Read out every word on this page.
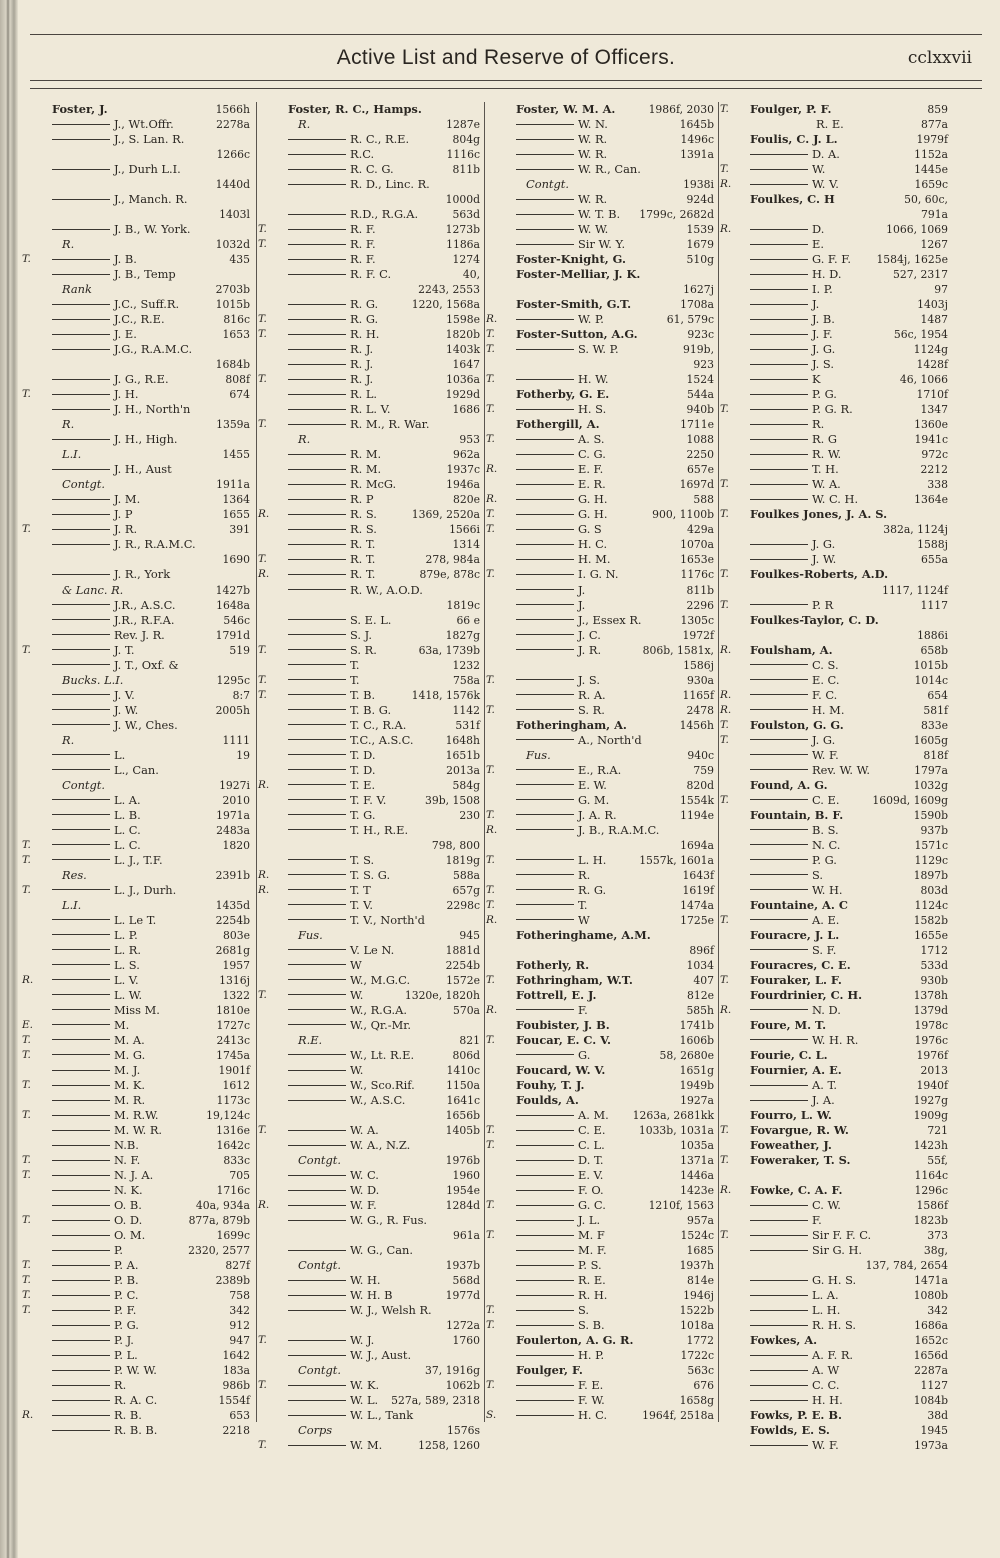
Active List and Reserve of Officers.	cclxxvii
Foster, J.	1566h
J., Wt.Offr.	2278a
J., S. Lan. R.
1266c
J., Durh L.I.
1440d
J., Manch. R.
1403l
J. B., W. York.
R.	1032d
T.	J. B.	435
J. B., Temp
Rank	2703b
J.C., Suff.R.	1015b
J.C., R.E.	816c
J. E.	1653
J.G., R.A.M.C.
1684b
J. G., R.E.	808f
T.	J. H.	674
J. H., North'n
R.	1359a
J. H., High.
L.I.	1455
J. H., Aust
Contgt.	1911a
J. M.	1364
J. P	1655
T.	J. R.	391
J. R., R.A.M.C.
1690
J. R., York
& Lanc. R.	1427b
J.R., A.S.C.	1648a
J.R., R.F.A.	546c
Rev. J. R.	1791d
T.	J. T.	519
J. T., Oxf. &
Bucks. L.I.	1295c
J. V.	8:7
J. W.	2005h
J. W., Ches.
R.	1111
L.	19
L., Can.
Contgt.	1927i
L. A.	2010
L. B.	1971a
L. C.	2483a
T.	L. C.	1820
T.	L. J., T.F.
Res.	2391b
T.	L. J., Durh.
L.I.	1435d
L. Le T.	2254b
L. P.	803e
L. R.	2681g
L. S.	1957
R.	L. V.	1316j
L. W.	1322
Miss M.	1810e
E.	M.	1727c
T.	M. A.	2413c
T.	M. G.	1745a
M. J.	1901f
T.	M. K.	1612
M. R.	1173c
T.	M. R.W.	19,124c
M. W. R.	1316e
N.B.	1642c
T.	N. F.	833c
T.	N. J. A.	705
N. K.	1716c
O. B.	40a, 934a
T.	O. D.	877a, 879b
O. M.	1699c
P.	2320, 2577
T.	P. A.	827f
T.	P. B.	2389b
T.	P. C.	758
T.	P. F.	342
P. G.	912
P. J.	947
P. L.	1642
P. W. W.	183a
R.	986b
R. A. C.	1554f
R.	R. B.	653
R. B. B.	2218
Foster, R. C., Hamps.
R.	1287e
R. C., R.E.	804g
R.C.	1116c
R. C. G.	811b
R. D., Linc. R.
1000d
R.D., R.G.A.	563d
T.	R. F.	1273b
T.	R. F.	1186a
R. F.	1274
R. F. C.	40,
2243, 2553
R. G.	1220, 1568a
T.	R. G.	1598e
T.	R. H.	1820b
R. J.	1403k
R. J.	1647
T.	R. J.	1036a
R. L.	1929d
R. L. V.	1686
T.	R. M., R. War.
R.	953
R. M.	962a
R. M.	1937c
R. McG.	1946a
R. P	820e
R.	R. S.	1369, 2520a
R. S.	1566i
R. T.	1314
T.	R. T.	278, 984a
R.	R. T.	879e, 878c
R. W., A.O.D.
1819c
S. E. L.	66 e
S. J.	1827g
T.	S. R.	63a, 1739b
T.	1232
T.	T.	758a
T.	T. B.	1418, 1576k
T. B. G.	1142
T. C., R.A.	531f
T.C., A.S.C.	1648h
T. D.	1651b
T. D.	2013a
R.	T. E.	584g
T. F. V.	39b, 1508
T. G.	230
T. H., R.E.
798, 800
T. S.	1819g
R.	T. S. G.	588a
R.	T. T	657g
T. V.	2298c
T. V., North'd
Fus.	945
V. Le N.	1881d
W	2254b
W., M.G.C.	1572e
T.	W.	1320e, 1820h
W., R.G.A.	570a
W., Qr.-Mr.
R.E.	821
W., Lt. R.E.	806d
W.	1410c
W., Sco.Rif.	1150a
W., A.S.C.	1641c
1656b
T.	W. A.	1405b
W. A., N.Z.
Contgt.	1976b
W. C.	1960
W. D.	1954e
R.	W. F.	1284d
W. G., R. Fus.
961a
W. G., Can.
Contgt.	1937b
W. H.	568d
W. H. B	1977d
W. J., Welsh R.
1272a
T.	W. J.	1760
W. J., Aust.
Contgt.	37, 1916g
T.	W. K.	1062b
W. L. 527a, 589, 2318
W. L., Tank
Corps	1576s
T.	W. M.	1258, 1260
Foster, W. M. A.	1986f, 2030
W. N.	1645b
W. R.	1496c
W. R.	1391a
W. R., Can.
Contgt.	1938i
W. R.	924d
W. T. B. 1799c, 2682d
W. W.	1539
Sir W. Y.	1679
Foster-Knight, G.	510g
Foster-Melliar, J. K.
1627j
Foster-Smith, G.T.	1708a
R.	W. P.	61, 579c
T. Foster-Sutton, A.G.	923c
T.	S. W. P.	919b,
923
T.	H. W.	1524
Fotherby, G. E.	544a
T.	H. S.	940b
Fothergill, A.	1711e
T.	A. S.	1088
C. G.	2250
R.	E. F.	657e
E. R.	1697d
R.	G. H.	588
T.	G. H.	900, 1100b
T.	G. S	429a
H. C.	1070a
H. M.	1653e
T.	I. G. N.	1176c
J.	811b
J.	2296
J., Essex R.	1305c
J. C.	1972f
J. R.	806b, 1581x,
1586j
T.	J. S.	930a
R. A.	1165f
T.	S. R.	2478
Fotheringham, A.	1456h
A., North'd
Fus.	940c
T.	E., R.A.	759
E. W.	820d
G. M.	1554k
T.	J. A. R.	1194e
R.	J. B., R.A.M.C.
1694a
T.	L. H.	1557k, 1601a
R.	1643f
T.	R. G.	1619f
T.	T.	1474a
R.	W	1725e
Fotheringhame, A.M.
896f
Fotherly, R.	1034
T. Fothringham, W.T.	407
Fottrell, E. J.	812e
R.	F.	585h
Foubister, J. B.	1741b
T. Foucar, E. C. V.	1606b
G.	58, 2680e
Foucard, W. V.	1651g
Fouhy, T. J.	1949b
Foulds, A.	1927a
A. M. 1263a, 2681kk
T.	C. E.	1033b, 1031a
T.	C. L.	1035a
D. T.	1371a
E. V.	1446a
F. O.	1423e
T.	G. C.	1210f, 1563
J. L.	957a
T.	M. F	1524c
M. F.	1685
P. S.	1937h
R. E.	814e
R. H.	1946j
T.	S.	1522b
T.	S. B.	1018a
Foulerton, A. G. R.	1772
H. P.	1722c
Foulger, F.	563c
T.	F. E.	676
F. W.	1658g
S.	H. C.	1964f, 2518a
T. Foulger, P. F.	859
R. E.	877a
Foulis, C. J. L.	1979f
D. A.	1152a
T.	W.	1445e
R.	W. V.	1659c
Foulkes, C. H	50, 60c,
791a
R.	D.	1066, 1069
E.	1267
G. F. F. 1584j, 1625e
H. D.	527, 2317
I. P.	97
J.	1403j
J. B.	1487
J. F.	56c, 1954
J. G.	1124g
J. S.	1428f
K	46, 1066
P. G.	1710f
T.	P. G. R.	1347
R.	1360e
R. G	1941c
R. W.	972c
T. H.	2212
T.	W. A.	338
W. C. H.	1364e
T. Foulkes Jones, J. A. S.
382a, 1124j
J. G.	1588j
J. W.	655a
T. Foulkes-Roberts, A.D.
1117, 1124f
T.	P. R	1117
Foulkes-Taylor, C. D.
1886i
R. Foulsham, A.	658b
C. S.	1015b
E. C.	1014c
R.	F. C.	654
R.	H. M.	581f
T. Foulston, G. G.	833e
T.	J. G.	1605g
W. F.	818f
Rev. W. W.	1797a
Found, A. G.	1032g
T.	C. E.	1609d, 1609g
Fountain, B. F.	1590b
B. S.	937b
N. C.	1571c
P. G.	1129c
S.	1897b
W. H.	803d
Fountaine, A. C	1124c
T.	A. E.	1582b
Fouracre, J. L.	1655e
S. F.	1712
Fouracres, C. E.	533d
T. Fouraker, L. F.	930b
Fourdrinier, C. H.	1378h
R.	N. D.	1379d
Foure, M. T.	1978c
W. H. R.	1976c
Fourie, C. L.	1976f
Fournier, A. E.	2013
A. T.	1940f
J. A.	1927g
Fourro, L. W.	1909g
T. Fovargue, R. W.	721
Foweather, J.	1423h
T. Foweraker, T. S.	55f,
1164c
R. Fowke, C. A. F.	1296c
C. W.	1586f
F.	1823b
T.	Sir F. F. C.	373
Sir G. H.	38g,
137, 784, 2654
G. H. S.	1471a
L. A.	1080b
L. H.	342
R. H. S.	1686a
Fowkes, A.	1652c
A. F. R.	1656d
A. W	2287a
C. C.	1127
H. H.	1084b
Fowks, P. E. B.	38d
Fowlds, E. S.	1945
W. F.	1973a
